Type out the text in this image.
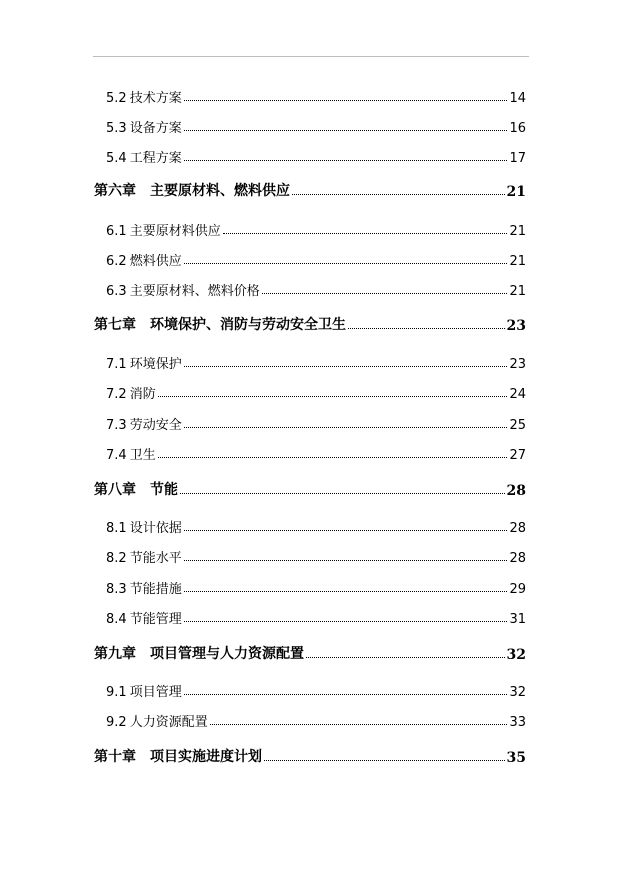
5.2 技术方案	14
5.3 设备方案	16
5.4 工程方案	17
第六章 主要原材料、燃料供应	21
6.1 主要原材料供应	21
6.2 燃料供应	21
6.3 主要原材料、燃料价格	21
第七章 环境保护、消防与劳动安全卫生	23
7.1 环境保护	23
7.2 消防	24
7.3 劳动安全	25
7.4 卫生	27
第八章 节能	28
8.1 设计依据	28
8.2 节能水平	28
8.3 节能措施	29
8.4 节能管理	31
第九章 项目管理与人力资源配置	32
9.1 项目管理	32
9.2 人力资源配置	33
第十章 项目实施进度计划	35
